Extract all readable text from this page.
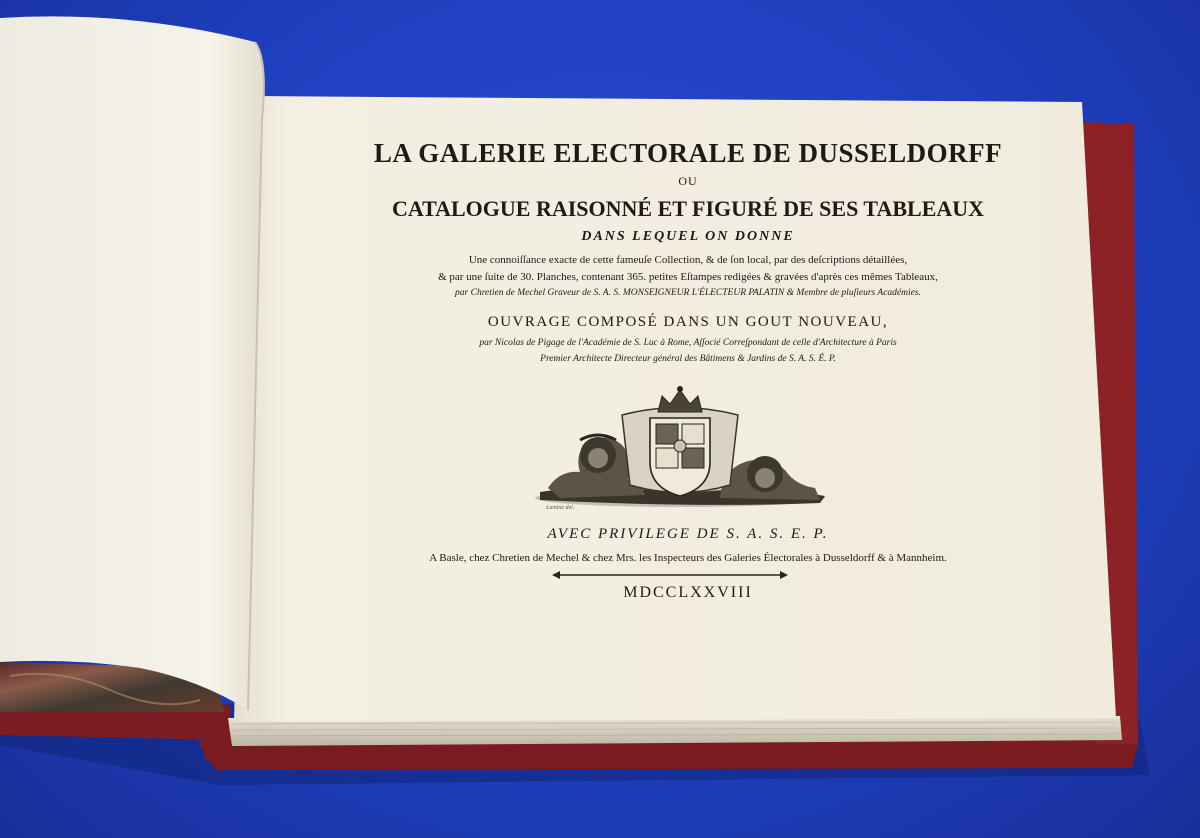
LA GALERIE ELECTORALE DE DUSSELDORFF
OU
CATALOGUE RAISONNÉ ET FIGURÉ DE SES TABLEAUX
DANS LEQUEL ON DONNE
Une connoiſſance exacte de cette fameuſe Collection, & de ſon local, par des deſcriptions détaillées,
& par une ſuite de 30. Planches, contenant 365. petites Eſtampes redigées & gravées d'après ces mêmes Tableaux,
par Chretien de Mechel Graveur de S. A. S. MONSEIGNEUR L'ÉLECTEUR PALATIN & Membre de pluſieurs Académies.
OUVRAGE COMPOSÉ DANS UN GOUT NOUVEAU,
par Nicolas de Pigage de l'Académie de S. Luc à Rome, Aſſocié Correſpondant de celle d'Architecture à Paris
Premier Architecte Directeur général des Bâtimens & Jardins de S. A. S. É. P.
AVEC PRIVILEGE DE S. A. S. E. P.
A Basle, chez Chretien de Mechel & chez Mrs. les Inspecteurs des Galeries Électorales à Dusseldorff & à Mannheim.
MDCCLXXVIII
Lamine del.
